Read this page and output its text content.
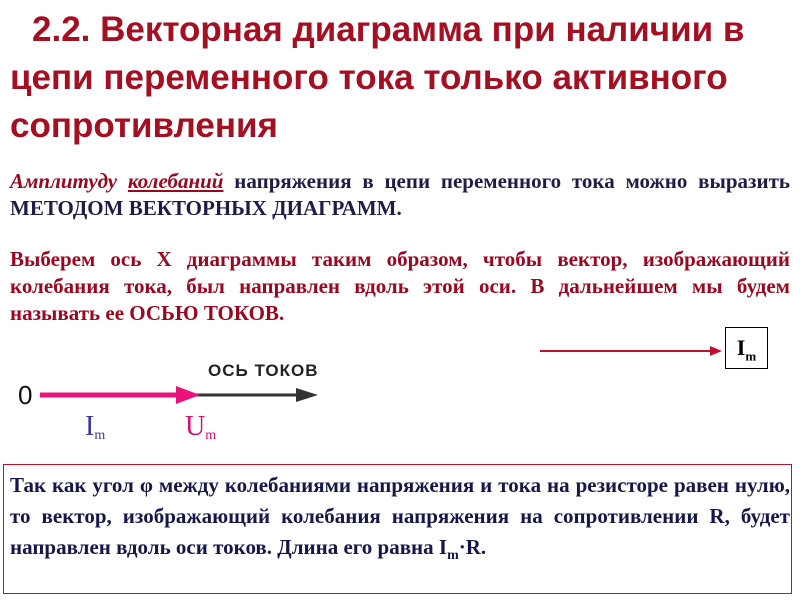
2.2. Векторная диаграмма при наличии в цепи переменного тока только активного сопротивления

Амплитуду колебаний напряжения в цепи переменного тока можно выразить МЕТОДОМ ВЕКТОРНЫХ ДИАГРАММ.

Выберем ось Х диаграммы таким образом, чтобы вектор, изображающий колебания тока, был направлен вдоль этой оси. В дальнейшем мы будем называть ее ОСЬЮ ТОКОВ.

0
ОСЬ ТОКОВ
Im	Um
$I_m$

Так как угол φ между колебаниями напряжения и тока на резисторе равен нулю, то вектор, изображающий колебания напряжения на сопротивлении R, будет направлен вдоль оси токов. Длина его равна $I_m\cdot R$.
